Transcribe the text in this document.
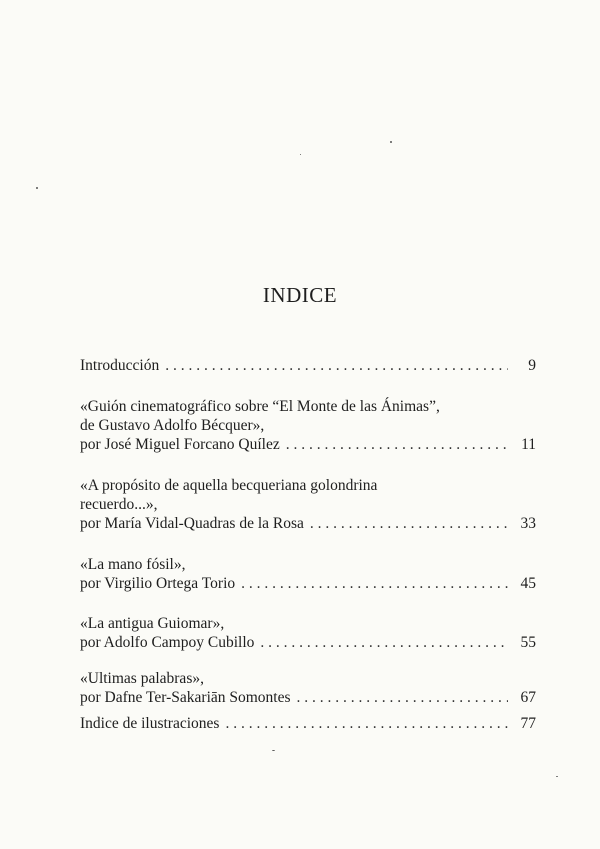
INDICE
Introducción . . .	9
«Guión cinematográfico sobre “El Monte de las Ánimas”,
de Gustavo Adolfo Bécquer»,
por José Miguel Forcano Quílez . . .	11
«A propósito de aquella becqueriana golondrina
recuerdo...»,
por María Vidal-Quadras de la Rosa . . .	33
«La mano fósil»,
por Virgilio Ortega Torio . . .	45
«La antigua Guiomar»,
por Adolfo Campoy Cubillo . . .	55
«Ultimas palabras»,
por Dafne Ter-Sakariān Somontes . . .	67
Indice de ilustraciones . . .	77
